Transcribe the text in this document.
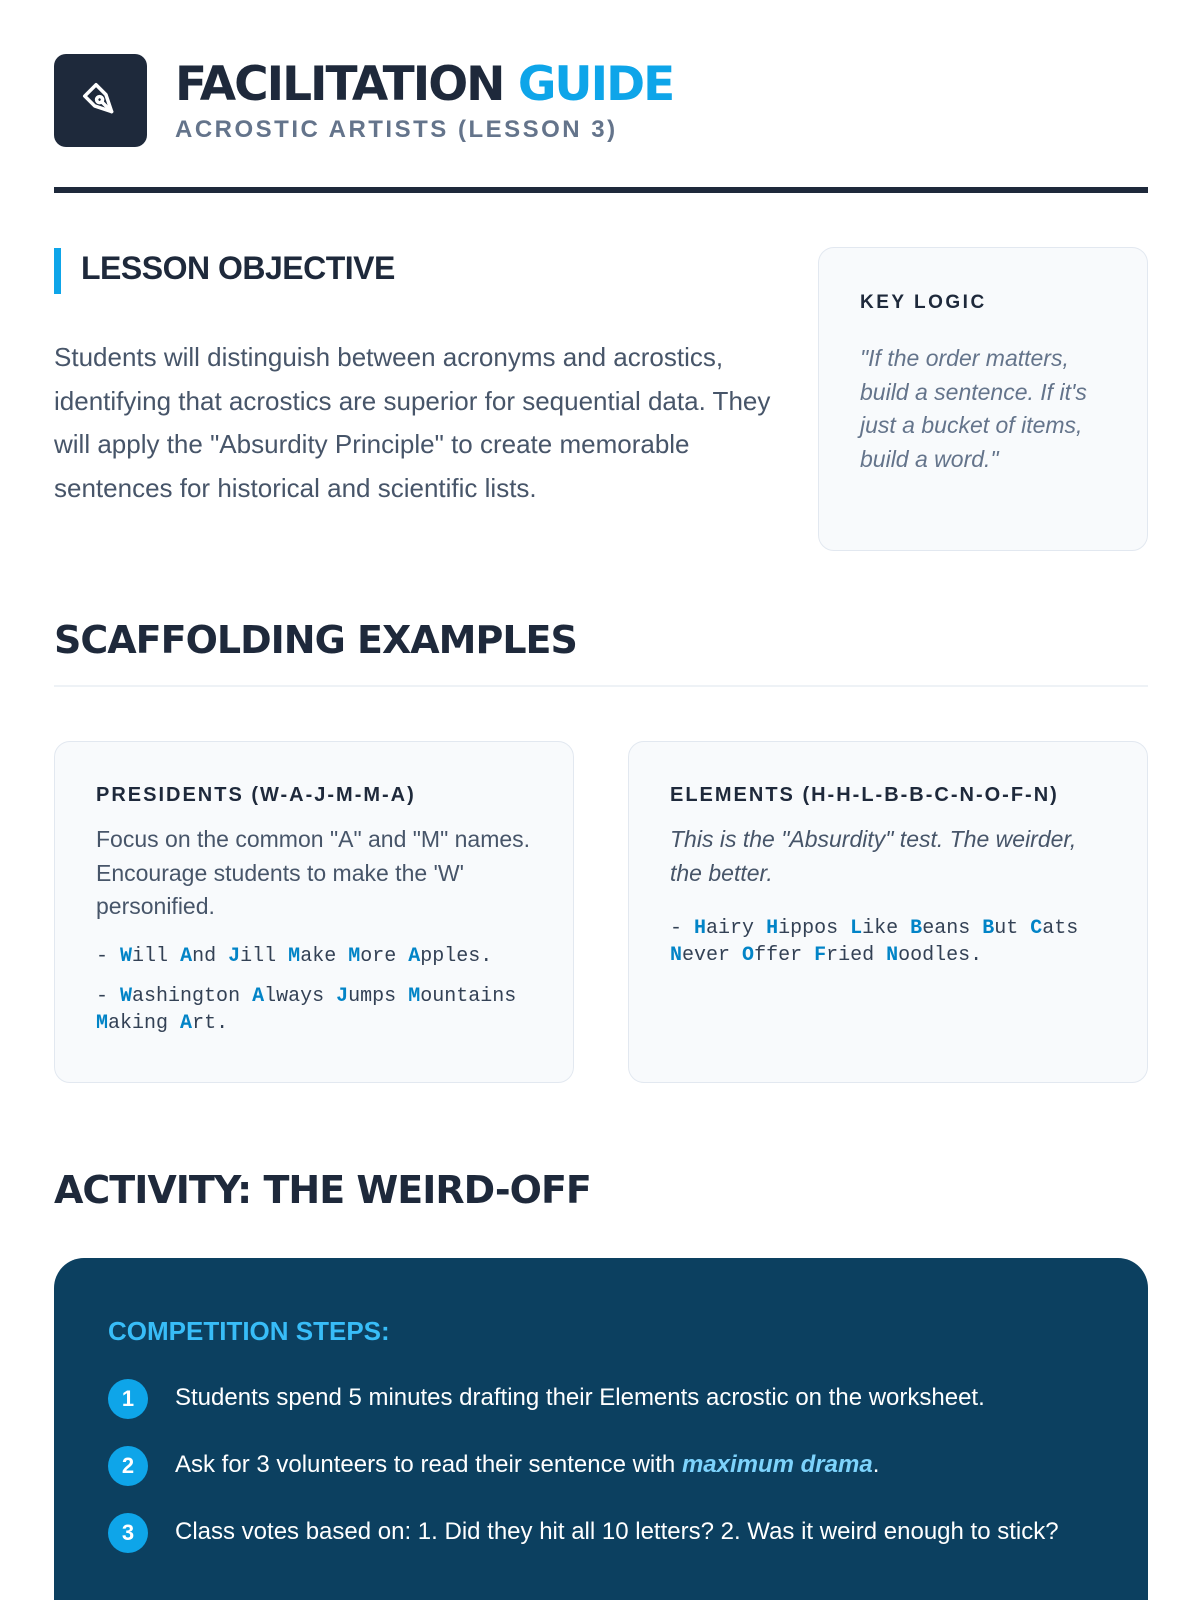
FACILITATION GUIDE
ACROSTIC ARTISTS (LESSON 3)
LESSON OBJECTIVE

Students will distinguish between acronyms and acrostics, identifying that acrostics are superior for sequential data. They will apply the "Absurdity Principle" to create memorable sentences for historical and scientific lists.

KEY LOGIC
"If the order matters, build a sentence. If it's just a bucket of items, build a word."
SCAFFOLDING EXAMPLES
PRESIDENTS (W-A-J-M-M-A)
Focus on the common "A" and "M" names. Encourage students to make the 'W' personified.
- Will And Jill Make More Apples.
- Washington Always Jumps Mountains Making Art.
ELEMENTS (H-H-L-B-B-C-N-O-F-N)
This is the "Absurdity" test. The weirder, the better.
- Hairy Hippos Like Beans But Cats Never Offer Fried Noodles.
ACTIVITY: THE WEIRD-OFF
COMPETITION STEPS:
1	Students spend 5 minutes drafting their Elements acrostic on the worksheet.
2	Ask for 3 volunteers to read their sentence with maximum drama.
3	Class votes based on: 1. Did they hit all 10 letters? 2. Was it weird enough to stick?
